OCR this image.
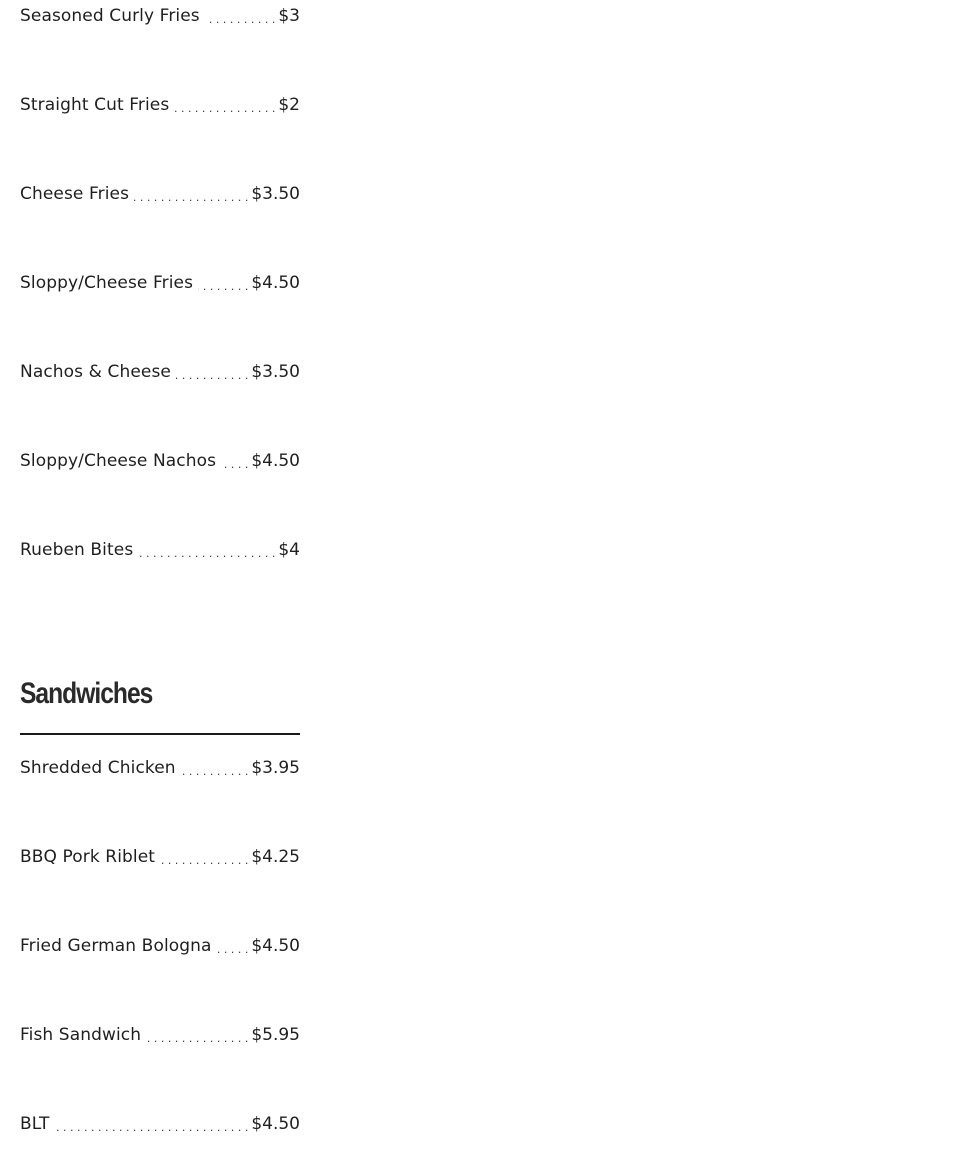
Seasoned Curly Fries . . .	$3
Straight Cut Fries . . .	$2
Cheese Fries . . .	$3.50
Sloppy/Cheese Fries . . .	$4.50
Nachos & Cheese . . .	$3.50
Sloppy/Cheese Nachos . . . $4.50
Rueben Bites . . .	$4
Sandwiches
Shredded Chicken . . .	$3.95
BBQ Pork Riblet . . .	$4.25
Fried German Bologna . . . $4.50
Fish Sandwich . . .	$5.95
BLT . . .	$4.50
